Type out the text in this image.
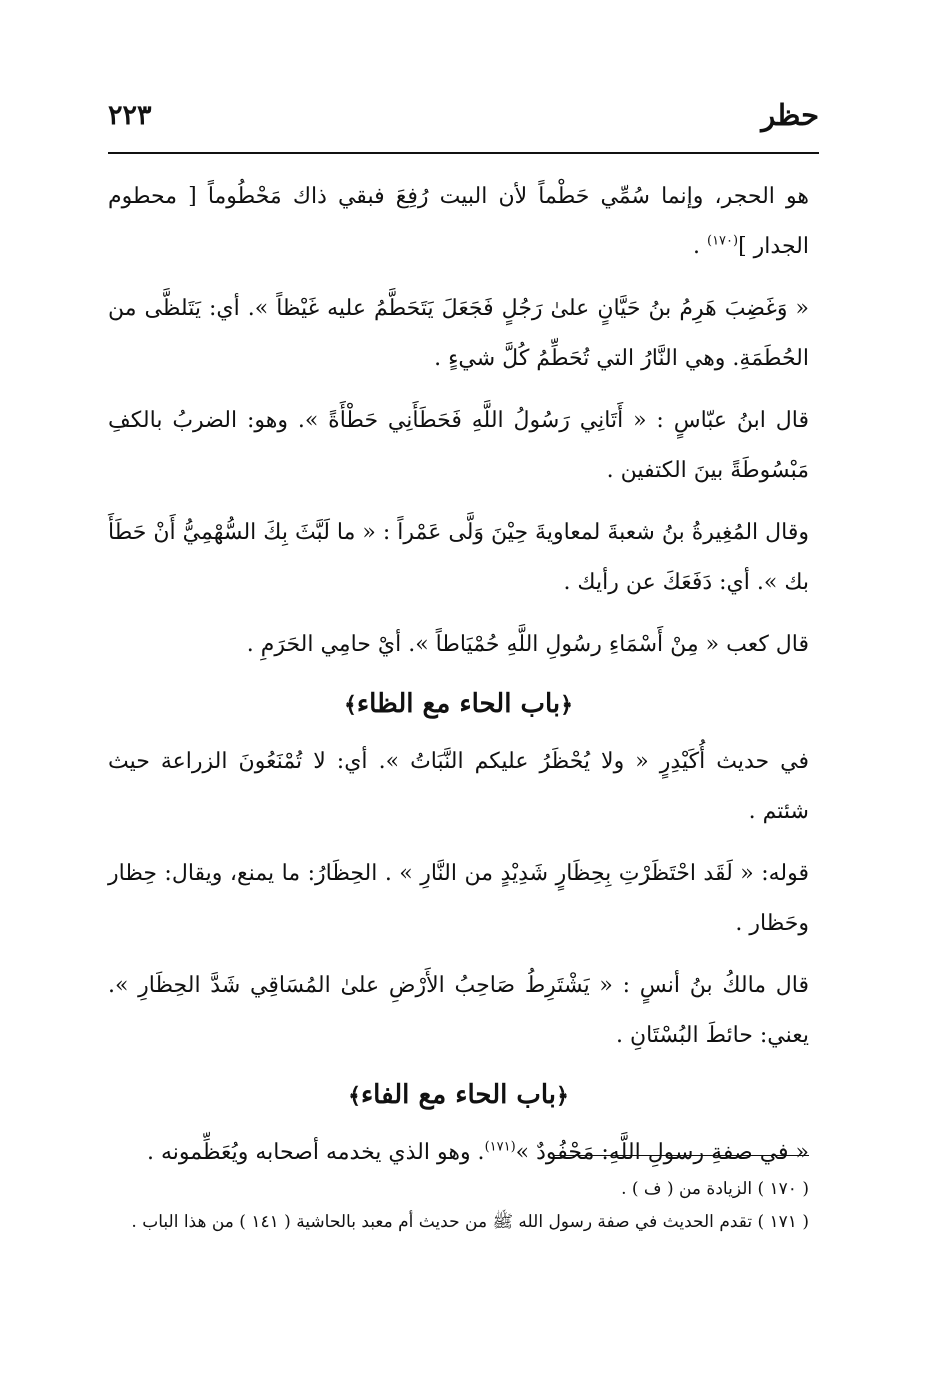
حظر
٢٢٣

هو الحجر، وإنما سُمِّي حَطْماً لأن البيت رُفِعَ فبقي ذاك مَحْطُوماً [ محطوم الجدار ]$^{(١٧٠)}$ .

« وَغَضِبَ هَرِمُ بنُ حَيَّانٍ علىٰ رَجُلٍ فَجَعَلَ يَتَحَطَّمُ عليه غَيْظاً ». أي: يَتَلظَّى من الحُطَمَةِ. وهي النَّارُ التي تُحَطِّمُ كُلَّ شيءٍ .

قال ابنُ عبّاسٍ : « أَتَانِي رَسُولُ اللَّهِ فَحَطَأَنِي حَطْأَةً ». وهو: الضربُ بالكفِ مَبْسُوطَةً بينَ الكتفين .

وقال المُغِيرةُ بنُ شعبةَ لمعاويةَ حِيْنَ وَلَّى عَمْراً : « ما لَبَّثَ بِكَ السُّهْمِيُّ أَنْ حَطَأَ بك ». أي: دَفَعَكَ عن رأيك .

قال كعب « مِنْ أَسْمَاءِ رسُولِ اللَّهِ حُمْيَاطاً ». أيْ حامِي الحَرَمِ .

﴿باب الحاء مع الظاء﴾

في حديث أُكَيْدِرٍ « ولا يُحْظَرُ عليكم النَّبَاتُ ». أي: لا تُمْنَعُونَ الزراعة حيث شئتم .

قوله: « لَقَد احْتَظَرْتِ بِحِظَارٍ شَدِيْدٍ من النَّارِ » . الحِظَارُ: ما يمنع، ويقال: حِظار وحَظار .

قال مالكُ بنُ أنسٍ : « يَشْتَرِطُ صَاحِبُ الأَرْضِ علىٰ المُسَاقِي شَدَّ الحِظَارِ ». يعني: حائطَ البُسْتَانِ .

﴿باب الحاء مع الفاء﴾

« في صفةِ رسولِ اللَّهِ: مَحْفُودٌ »$^{(١٧١)}$. وهو الذي يخدمه أصحابه ويُعَظِّمونه .

( ١٧٠ ) الزيادة من ( ف ) .

( ١٧١ ) تقدم الحديث في صفة رسول الله ﷺ من حديث أم معبد بالحاشية ( ١٤١ ) من هذا الباب .
